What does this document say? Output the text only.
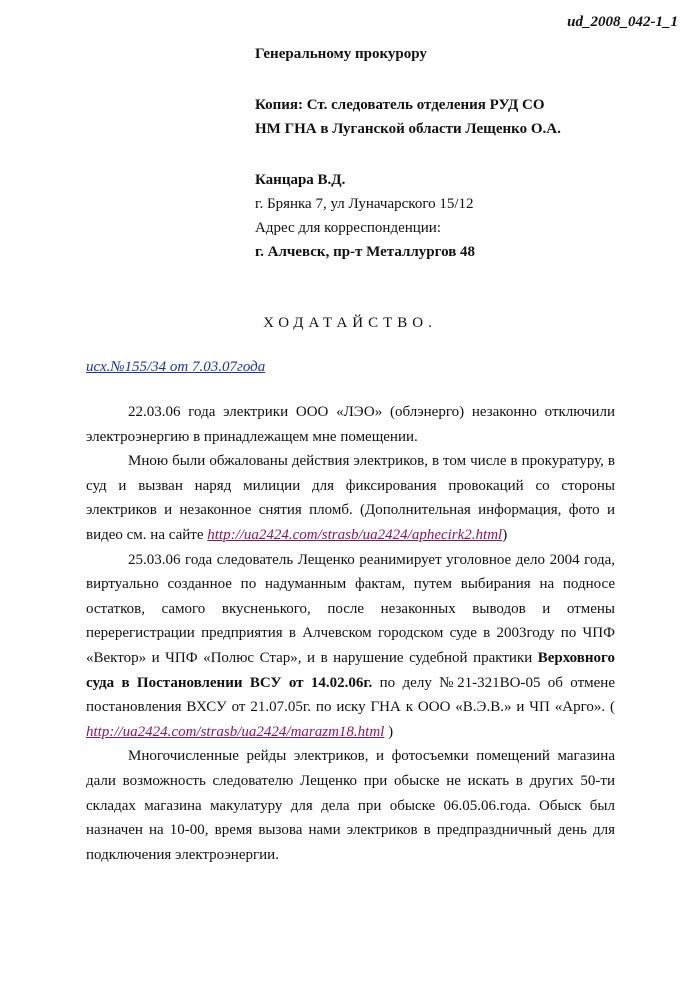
ud_2008_042-1_1

Генеральному прокурору

Копия: Ст. следователь отделения РУД СО

НМ ГНА в Луганской области Лещенко О.А.

Канцара В.Д.

г. Брянка 7, ул Луначарского 15/12

Адрес для корреспонденции:

г. Алчевск, пр-т Металлургов 48

ХОДАТАЙСТВО.
исх.№155/34 от 7.03.07года

22.03.06 года электрики ООО «ЛЭО» (облэнерго) незаконно отключили электроэнергию в принадлежащем мне помещении.

Мною были обжалованы действия электриков, в том числе в прокуратуру, в суд и вызван наряд милиции для фиксирования провокаций со стороны электриков и незаконное снятия пломб. (Дополнительная информация, фото и видео см. на сайте http://ua2424.com/strasb/ua2424/aphecirk2.html)

25.03.06 года следователь Лещенко реанимирует уголовное дело 2004 года, виртуально созданное по надуманным фактам, путем выбирания на подносе остатков, самого вкусненького, после незаконных выводов и отмены перерегистрации предприятия в Алчевском городском суде в 2003году по ЧПФ «Вектор» и ЧПФ «Полюс Стар», и в нарушение судебной практики Верховного суда в Постановлении ВСУ от 14.02.06г. по делу №21-321ВО-05 об отмене постановления ВХСУ от 21.07.05г. по иску ГНА к ООО «В.Э.В.» и ЧП «Арго». ( http://ua2424.com/strasb/ua2424/marazm18.html )

Многочисленные рейды электриков, и фотосъемки помещений магазина дали возможность следователю Лещенко при обыске не искать в других 50-ти складах магазина макулатуру для дела при обыске 06.05.06.года. Обыск был назначен на 10-00, время вызова нами электриков в предпраздничный день для подключения электроэнергии.
